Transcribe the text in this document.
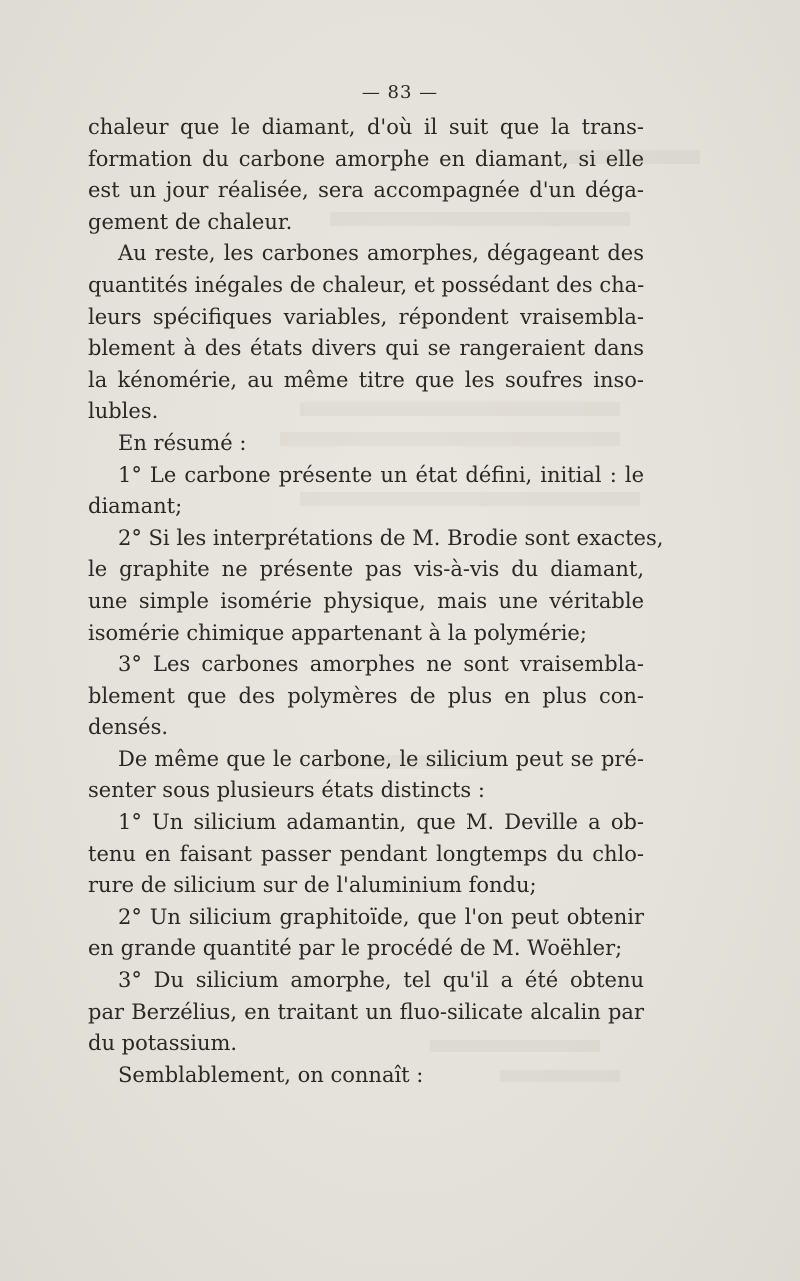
— 83 —
chaleur que le diamant, d'où il suit que la trans-
formation du carbone amorphe en diamant, si elle
est un jour réalisée, sera accompagnée d'un déga-
gement de chaleur.
Au reste, les carbones amorphes, dégageant des
quantités inégales de chaleur, et possédant des cha-
leurs spécifiques variables, répondent vraisembla-
blement à des états divers qui se rangeraient dans
la kénomérie, au même titre que les soufres inso-
lubles.
En résumé :
1° Le carbone présente un état défini, initial : le
diamant;
2° Si les interprétations de M. Brodie sont exactes,
le graphite ne présente pas vis-à-vis du diamant,
une simple isomérie physique, mais une véritable
isomérie chimique appartenant à la polymérie;
3° Les carbones amorphes ne sont vraisembla-
blement que des polymères de plus en plus con-
densés.
De même que le carbone, le silicium peut se pré-
senter sous plusieurs états distincts :
1° Un silicium adamantin, que M. Deville a ob-
tenu en faisant passer pendant longtemps du chlo-
rure de silicium sur de l'aluminium fondu;
2° Un silicium graphitoïde, que l'on peut obtenir
en grande quantité par le procédé de M. Woëhler;
3° Du silicium amorphe, tel qu'il a été obtenu
par Berzélius, en traitant un fluo-silicate alcalin par
du potassium.
Semblablement, on connaît :
